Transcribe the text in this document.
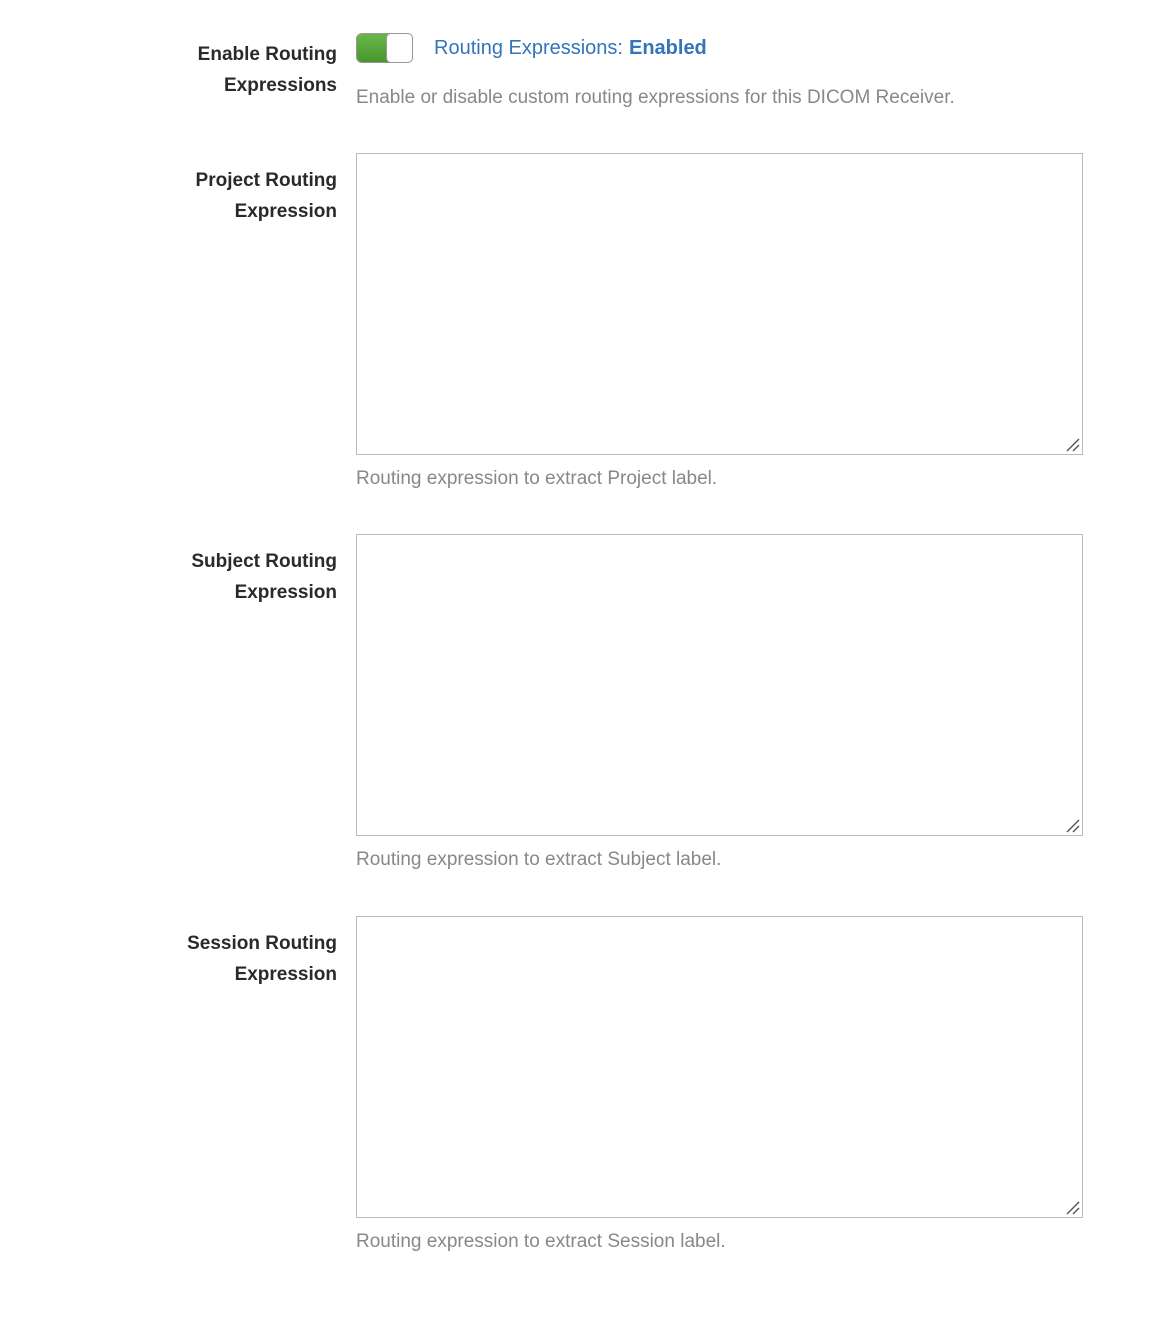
Enable Routing Expressions
Routing Expressions: Enabled
Enable or disable custom routing expressions for this DICOM Receiver.
Project Routing Expression
Routing expression to extract Project label.
Subject Routing Expression
Routing expression to extract Subject label.
Session Routing Expression
Routing expression to extract Session label.
